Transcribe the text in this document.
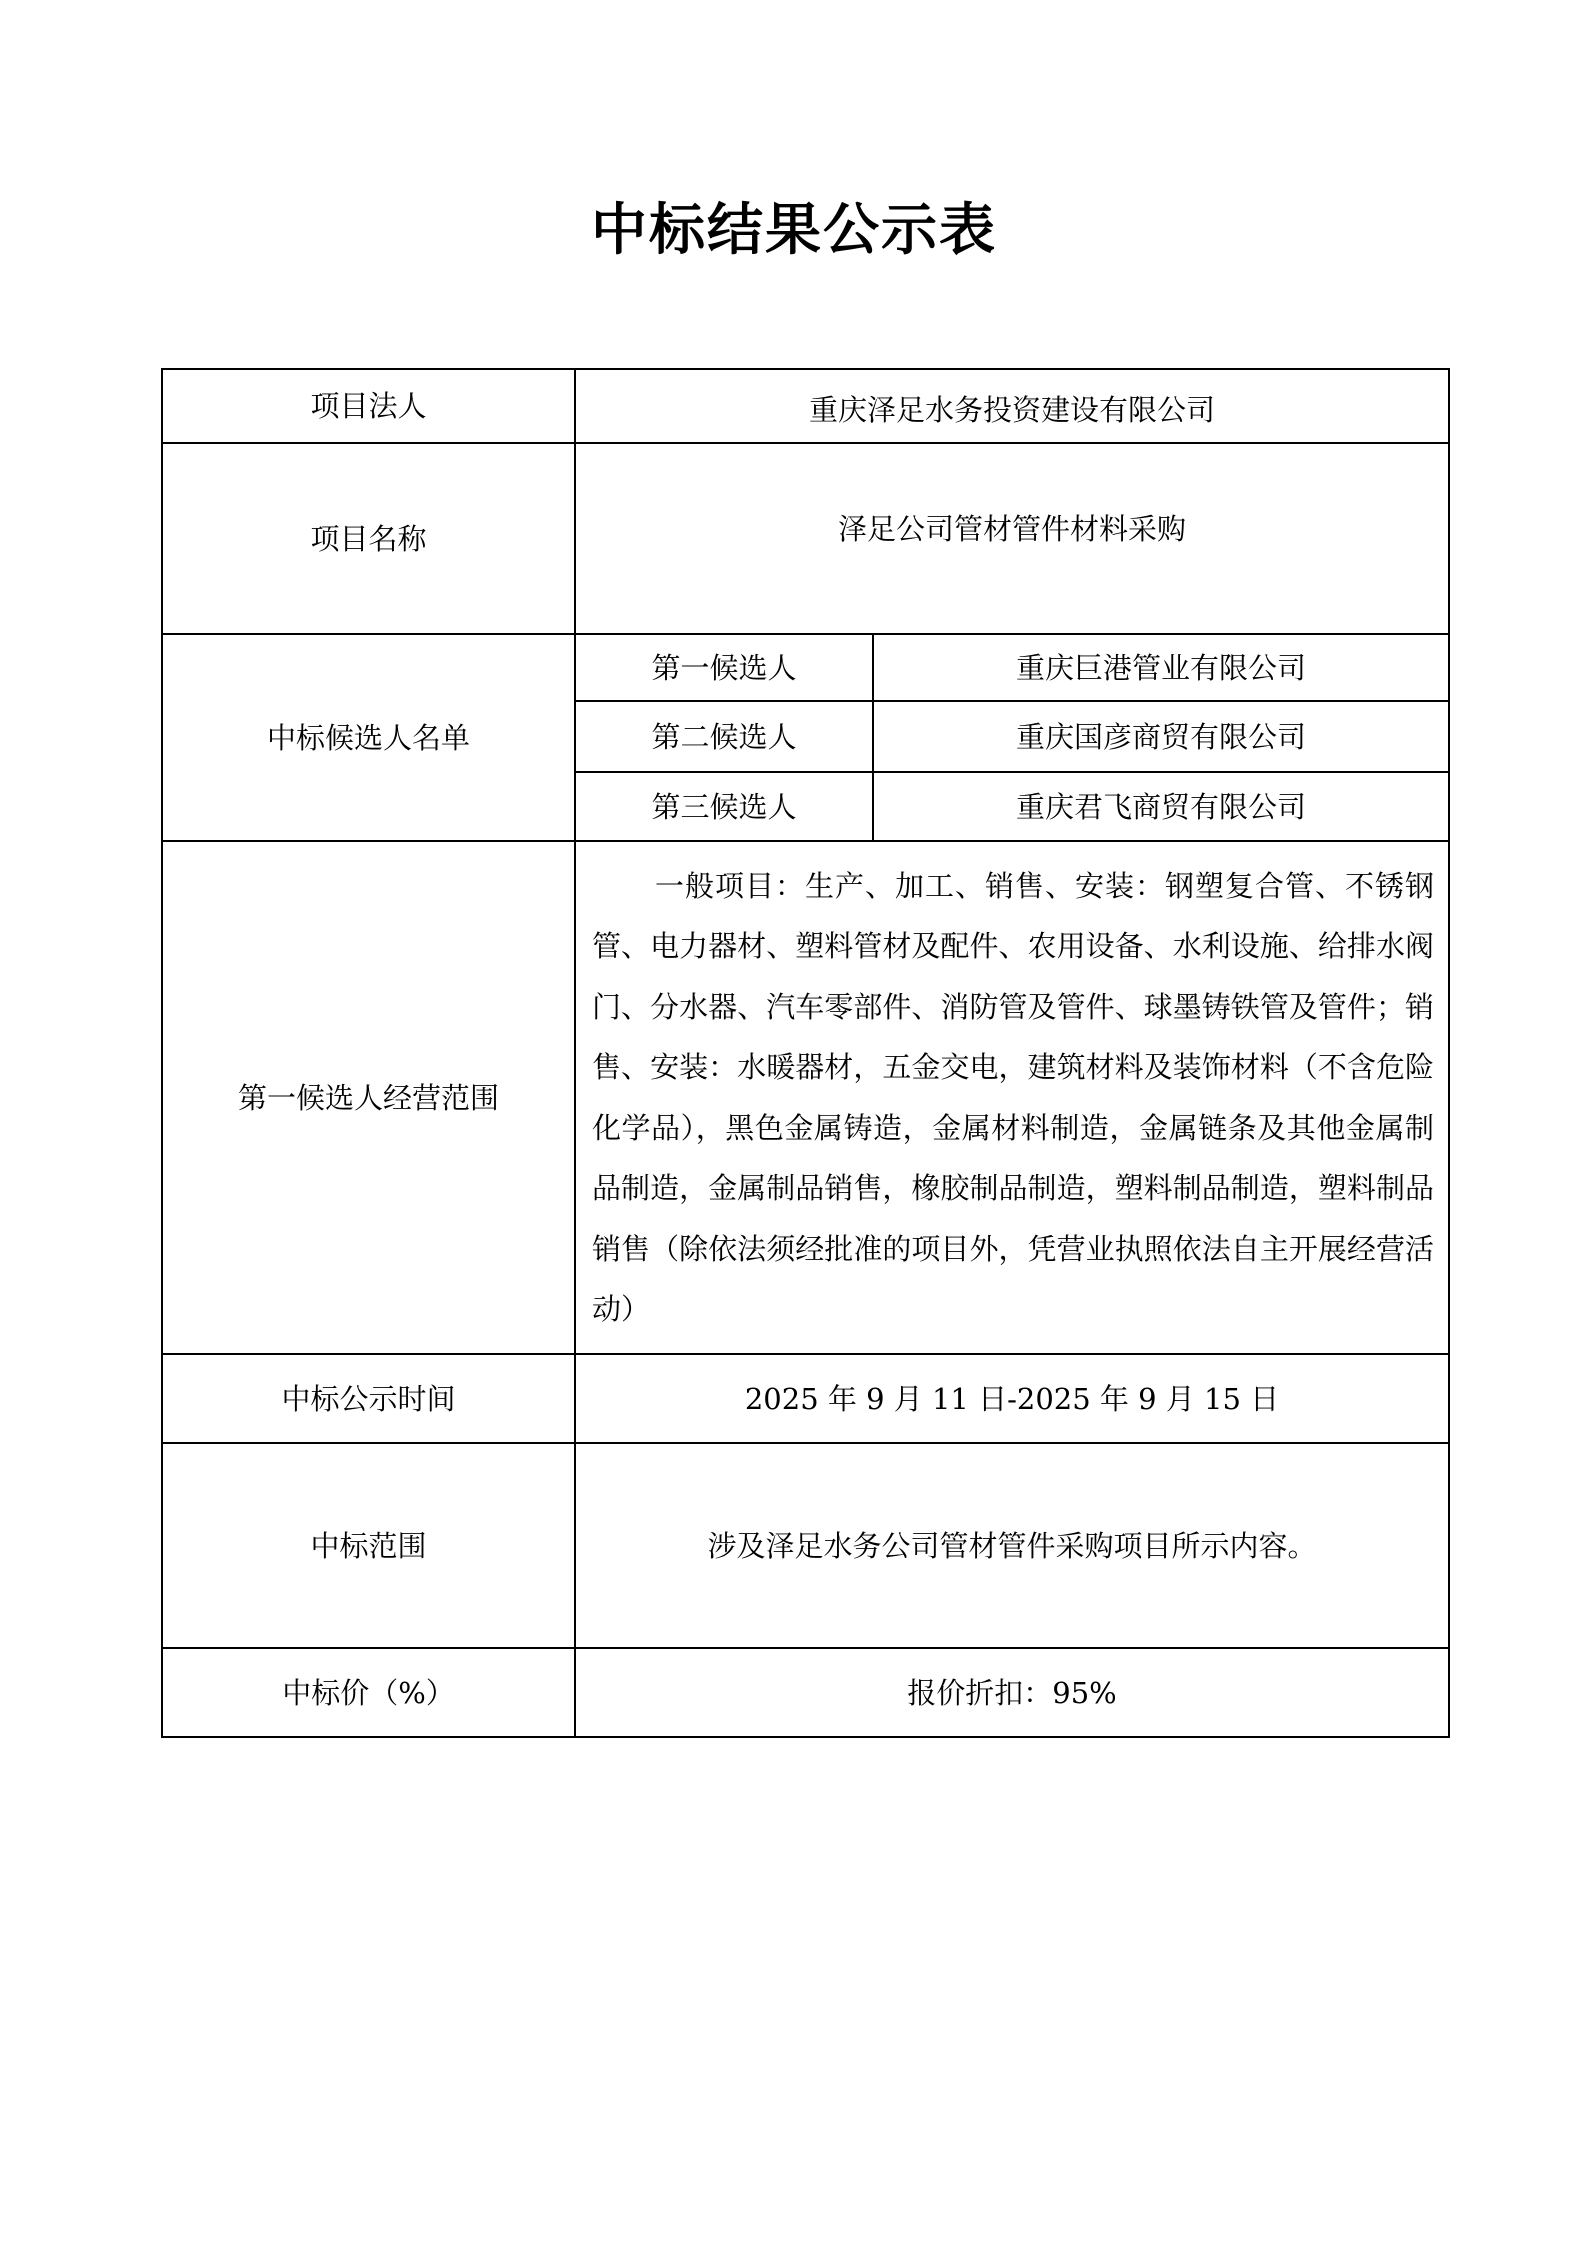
中标结果公示表
项目法人	重庆泽足水务投资建设有限公司	
项目名称	泽足公司管材管件材料采购	
中标候选人名单	第一候选人	重庆巨港管业有限公司
	第二候选人	重庆国彦商贸有限公司
	第三候选人	重庆君飞商贸有限公司
第一候选人经营范围	一般项目：生产、加工、销售、安装：钢塑复合管、不锈钢管、电力器材、塑料管材及配件、农用设备、水利设施、给排水阀门、分水器、汽车零部件、消防管及管件、球墨铸铁管及管件；销售、安装：水暖器材，五金交电，建筑材料及装饰材料（不含危险化学品），黑色金属铸造，金属材料制造，金属链条及其他金属制品制造，金属制品销售，橡胶制品制造，塑料制品制造，塑料制品销售（除依法须经批准的项目外，凭营业执照依法自主开展经营活动）	
中标公示时间	2025 年 9 月 11 日-2025 年 9 月 15 日	
中标范围	涉及泽足水务公司管材管件采购项目所示内容。	
中标价（%）	报价折扣：95%	
